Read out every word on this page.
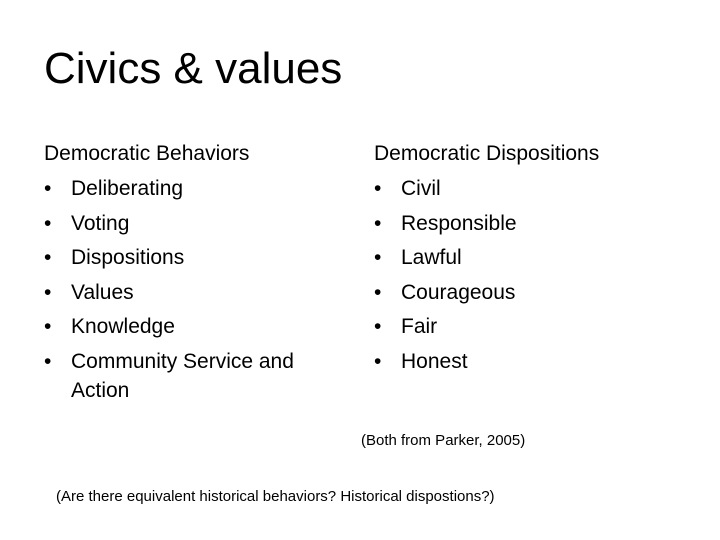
Civics & values
Democratic Behaviors
• Deliberating
• Voting
• Dispositions
• Values
• Knowledge
• Community Service and Action
Democratic Dispositions
• Civil
• Responsible
• Lawful
• Courageous
• Fair
• Honest
(Both from Parker, 2005)
(Are there equivalent historical behaviors? Historical dispostions?)
